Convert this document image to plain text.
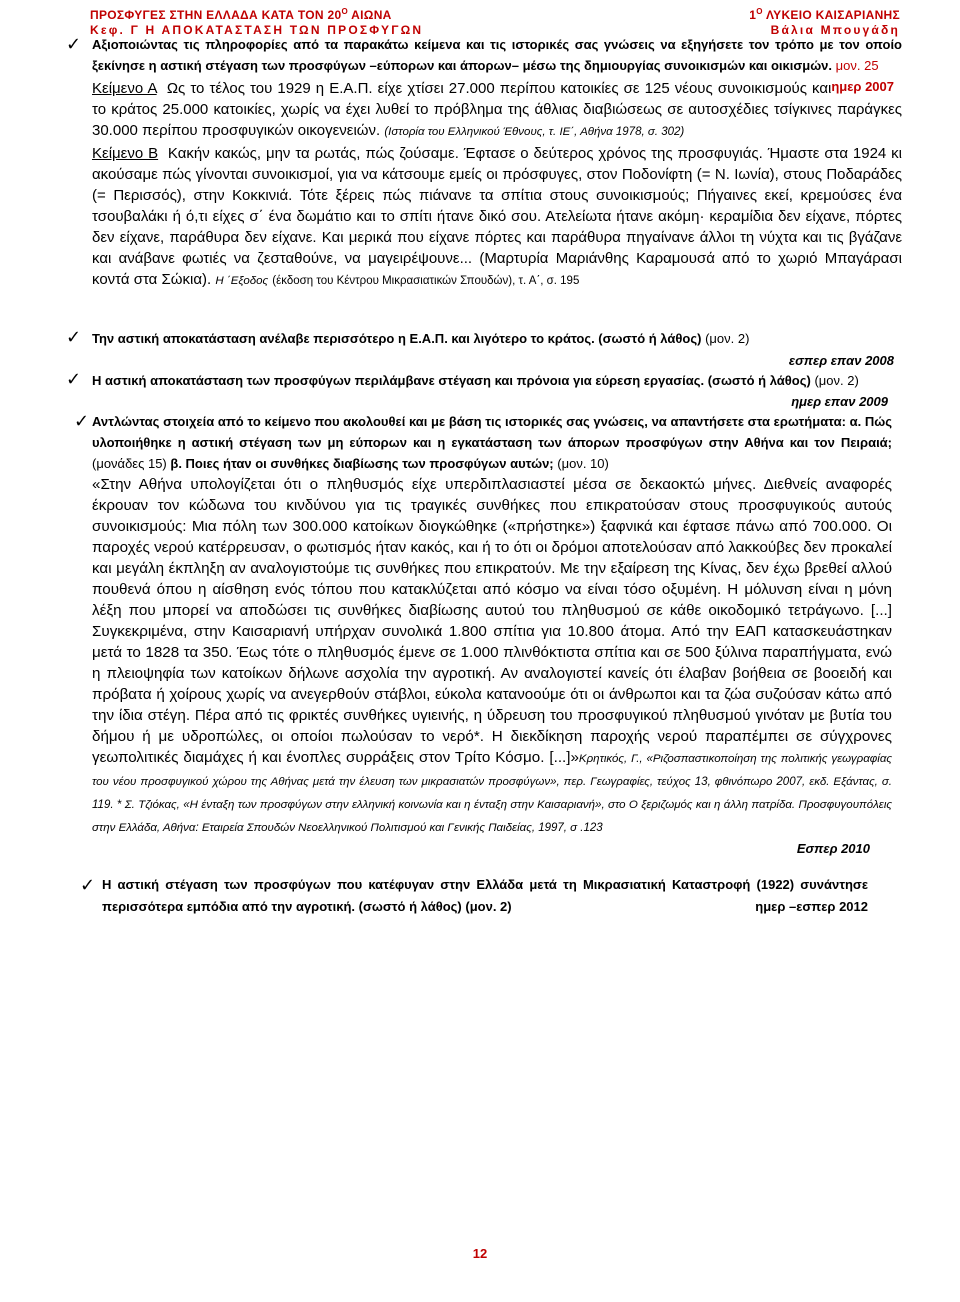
ΠΡΟΣΦΥΓΕΣ ΣΤΗΝ ΕΛΛΑΔΑ ΚΑΤΑ ΤΟΝ $20^O$ ΑΙΩΝΑ
Κεφ. Γ Η ΑΠΟΚΑΤΑΣΤΑΣΗ ΤΩΝ ΠΡΟΣΦΥΓΩΝ
$1^O$ ΛΥΚΕΙΟ ΚΑΙΣΑΡΙΑΝΗΣ
Βάλια Μπουγάδη
✓ Αξιοποιώντας τις πληροφορίες από τα παρακάτω κείμενα και τις ιστορικές σας γνώσεις να εξηγήσετε τον τρόπο με τον οποίο ξεκίνησε η αστική στέγαση των προσφύγων –εύπορων και άπορων– μέσω της δημιουργίας συνοικισμών και οικισμών. μον. 25
ημερ 2007
Κείμενο Α Ως το τέλος του 1929 η Ε.Α.Π. είχε χτίσει 27.000 περίπου κατοικίες σε 125 νέους συνοικισμούς και το κράτος 25.000 κατοικίες, χωρίς να έχει λυθεί το πρόβλημα της άθλιας διαβιώσεως σε αυτοσχέδιες τσίγκινες παράγκες 30.000 περίπου προσφυγικών οικογενειών. (Ιστορία του Ελληνικού Έθνους, τ. ΙΕ΄, Αθήνα 1978, σ. 302)
Κείμενο Β Κακήν κακώς, μην τα ρωτάς, πώς ζούσαμε. Έφτασε ο δεύτερος χρόνος της προσφυγιάς. Ήμαστε στα 1924 κι ακούσαμε πώς γίνονται συνοικισμοί, για να κάτσουμε εμείς οι πρόσφυγες, στον Ποδονίφτη (= Ν. Ιωνία), στους Ποδαράδες (= Περισσός), στην Κοκκινιά. Τότε ξέρεις πώς πιάνανε τα σπίτια στους συνοικισμούς; Πήγαινες εκεί, κρεμούσες ένα τσουβαλάκι ή ό,τι είχες σ΄ ένα δωμάτιο και το σπίτι ήτανε δικό σου. Ατελείωτα ήτανε ακόμη· κεραμίδια δεν είχανε, πόρτες δεν είχανε, παράθυρα δεν είχανε. Και μερικά που είχανε πόρτες και παράθυρα πηγαίνανε άλλοι τη νύχτα και τις βγάζανε και ανάβανε φωτιές να ζεσταθούνε, να μαγειρέψουνε... (Μαρτυρία Μαριάνθης Καραμουσά από το χωριό Μπαγάρασι κοντά στα Σώκια). Η ΄Εξοδος (έκδοση του Κέντρου Μικρασιατικών Σπουδών), τ. Α΄, σ. 195
✓ Την αστική αποκατάσταση ανέλαβε περισσότερο η Ε.Α.Π. και λιγότερο το κράτος. (σωστό ή λάθος) (μον. 2)
εσπερ επαν 2008
✓ Η αστική αποκατάσταση των προσφύγων περιλάμβανε στέγαση και πρόνοια για εύρεση εργασίας. (σωστό ή λάθος) (μον. 2)
ημερ επαν 2009
✓ Αντλώντας στοιχεία από το κείμενο που ακολουθεί και με βάση τις ιστορικές σας γνώσεις, να απαντήσετε στα ερωτήματα: α. Πώς υλοποιήθηκε η αστική στέγαση των μη εύπορων και η εγκατάσταση των άπορων προσφύγων στην Αθήνα και τον Πειραιά; (μονάδες 15) β. Ποιες ήταν οι συνθήκες διαβίωσης των προσφύγων αυτών; (μον. 10)
«Στην Αθήνα υπολογίζεται ότι ο πληθυσμός είχε υπερδιπλασιαστεί μέσα σε δεκαοκτώ μήνες. Διεθνείς αναφορές έκρουαν τον κώδωνα του κινδύνου για τις τραγικές συνθήκες που επικρατούσαν στους προσφυγικούς αυτούς συνοικισμούς: Μια πόλη των 300.000 κατοίκων διογκώθηκε («πρήστηκε») ξαφνικά και έφτασε πάνω από 700.000. Οι παροχές νερού κατέρρευσαν, ο φωτισμός ήταν κακός, και ή το ότι οι δρόμοι αποτελούσαν από λακκούβες δεν προκαλεί και μεγάλη έκπληξη αν αναλογιστούμε τις συνθήκες που επικρατούν. Με την εξαίρεση της Κίνας, δεν έχω βρεθεί αλλού πουθενά όπου η αίσθηση ενός τόπου που κατακλύζεται από κόσμο να είναι τόσο οξυμένη. Η μόλυνση είναι η μόνη λέξη που μπορεί να αποδώσει τις συνθήκες διαβίωσης αυτού του πληθυσμού σε κάθε οικοδομικό τετράγωνο. [...] Συγκεκριμένα, στην Καισαριανή υπήρχαν συνολικά 1.800 σπίτια για 10.800 άτομα. Από την ΕΑΠ κατασκευάστηκαν μετά το 1828 τα 350. Έως τότε ο πληθυσμός έμενε σε 1.000 πλινθόκτιστα σπίτια και σε 500 ξύλινα παραπήγματα, ενώ η πλειοψηφία των κατοίκων δήλωνε ασχολία την αγροτική. Αν αναλογιστεί κανείς ότι έλαβαν βοήθεια σε βοοειδή και πρόβατα ή χοίρους χωρίς να ανεγερθούν στάβλοι, εύκολα κατανοούμε ότι οι άνθρωποι και τα ζώα συζούσαν κάτω από την ίδια στέγη. Πέρα από τις φρικτές συνθήκες υγιεινής, η ύδρευση του προσφυγικού πληθυσμού γινόταν με βυτία του δήμου ή με υδροπώλες, οι οποίοι πωλούσαν το νερό*. Η διεκδίκηση παροχής νερού παραπέμπει σε σύγχρονες γεωπολιτικές διαμάχες ή και ένοπλες συρράξεις στον Τρίτο Κόσμο. [...]»Κρητικός, Γ., «Ριζοσπαστικοποίηση της πολιτικής γεωγραφίας του νέου προσφυγικού χώρου της Αθήνας μετά την έλευση των μικρασιατών προσφύγων», περ. Γεωγραφίες, τεύχος 13, φθινόπωρο 2007, εκδ. Εξάντας, σ. 119. * Σ. Τζιόκας, «Η ένταξη των προσφύγων στην ελληνική κοινωνία και η ένταξη στην Καισαριανή», στο Ο ξεριζωμός και η άλλη πατρίδα. Προσφυγουπόλεις στην Ελλάδα, Αθήνα: Εταιρεία Σπουδών Νεοελληνικού Πολιτισμού και Γενικής Παιδείας, 1997, σ .123
Εσπερ 2010
✓ Η αστική στέγαση των προσφύγων που κατέφυγαν στην Ελλάδα μετά τη Μικρασιατική Καταστροφή (1922) συνάντησε περισσότερα εμπόδια από την αγροτική. (σωστό ή λάθος) (μον. 2)	ημερ –εσπερ 2012
12
